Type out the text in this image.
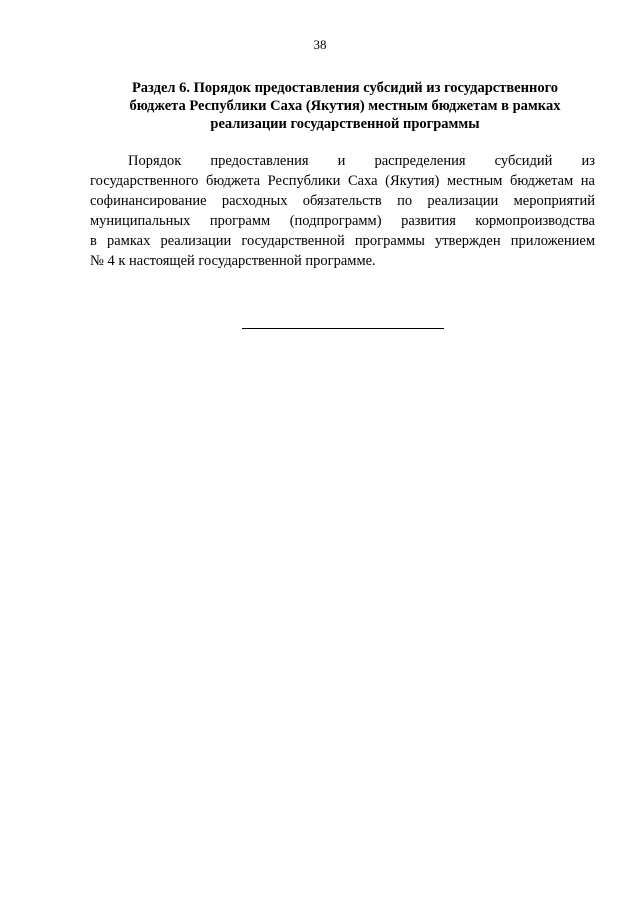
38
Раздел 6. Порядок предоставления субсидий из государственного
бюджета Республики Саха (Якутия) местным бюджетам в рамках
реализации государственной программы
Порядок предоставления и распределения субсидий из
государственного бюджета Республики Саха (Якутия) местным бюджетам на
софинансирование расходных обязательств по реализации мероприятий
муниципальных программ (подпрограмм) развития кормопроизводства
в рамках реализации государственной программы утвержден приложением
№ 4 к настоящей государственной программе.
